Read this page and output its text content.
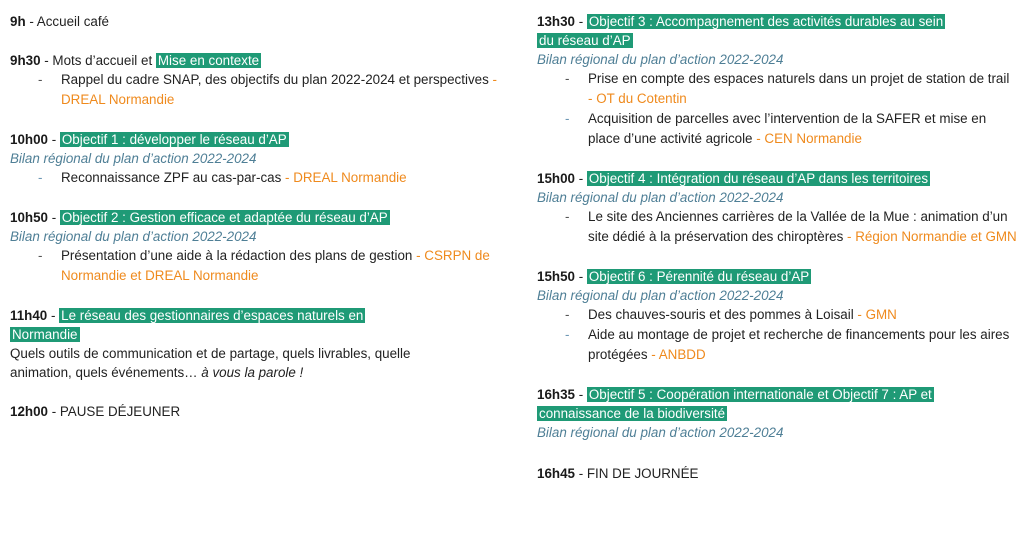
9h - Accueil café
9h30 - Mots d’accueil et Mise en contexte
- Rappel du cadre SNAP, des objectifs du plan 2022-2024 et perspectives - DREAL Normandie
10h00 - Objectif 1 : développer le réseau d’AP
Bilan régional du plan d’action 2022-2024
- Reconnaissance ZPF au cas-par-cas - DREAL Normandie
10h50 - Objectif 2 : Gestion efficace et adaptée du réseau d’AP
Bilan régional du plan d’action 2022-2024
- Présentation d’une aide à la rédaction des plans de gestion - CSRPN de Normandie et DREAL Normandie
11h40 - Le réseau des gestionnaires d’espaces naturels en
Normandie
Quels outils de communication et de partage, quels livrables, quelle
animation, quels événements… à vous la parole !
12h00 - PAUSE DÉJEUNER
13h30 - Objectif 3 : Accompagnement des activités durables au sein
du réseau d’AP
Bilan régional du plan d’action 2022-2024
- Prise en compte des espaces naturels dans un projet de station de trail - OT du Cotentin
- Acquisition de parcelles avec l’intervention de la SAFER et mise en place d’une activité agricole - CEN Normandie
15h00 - Objectif 4 : Intégration du réseau d’AP dans les territoires
Bilan régional du plan d’action 2022-2024
- Le site des Anciennes carrières de la Vallée de la Mue : animation d’un site dédié à la préservation des chiroptères - Région Normandie et GMN
15h50 - Objectif 6 : Pérennité du réseau d’AP
Bilan régional du plan d’action 2022-2024
- Des chauves-souris et des pommes à Loisail - GMN
- Aide au montage de projet et recherche de financements pour les aires protégées - ANBDD
16h35 - Objectif 5 : Coopération internationale et Objectif 7 : AP et
connaissance de la biodiversité
Bilan régional du plan d’action 2022-2024
16h45 - FIN DE JOURNÉE
